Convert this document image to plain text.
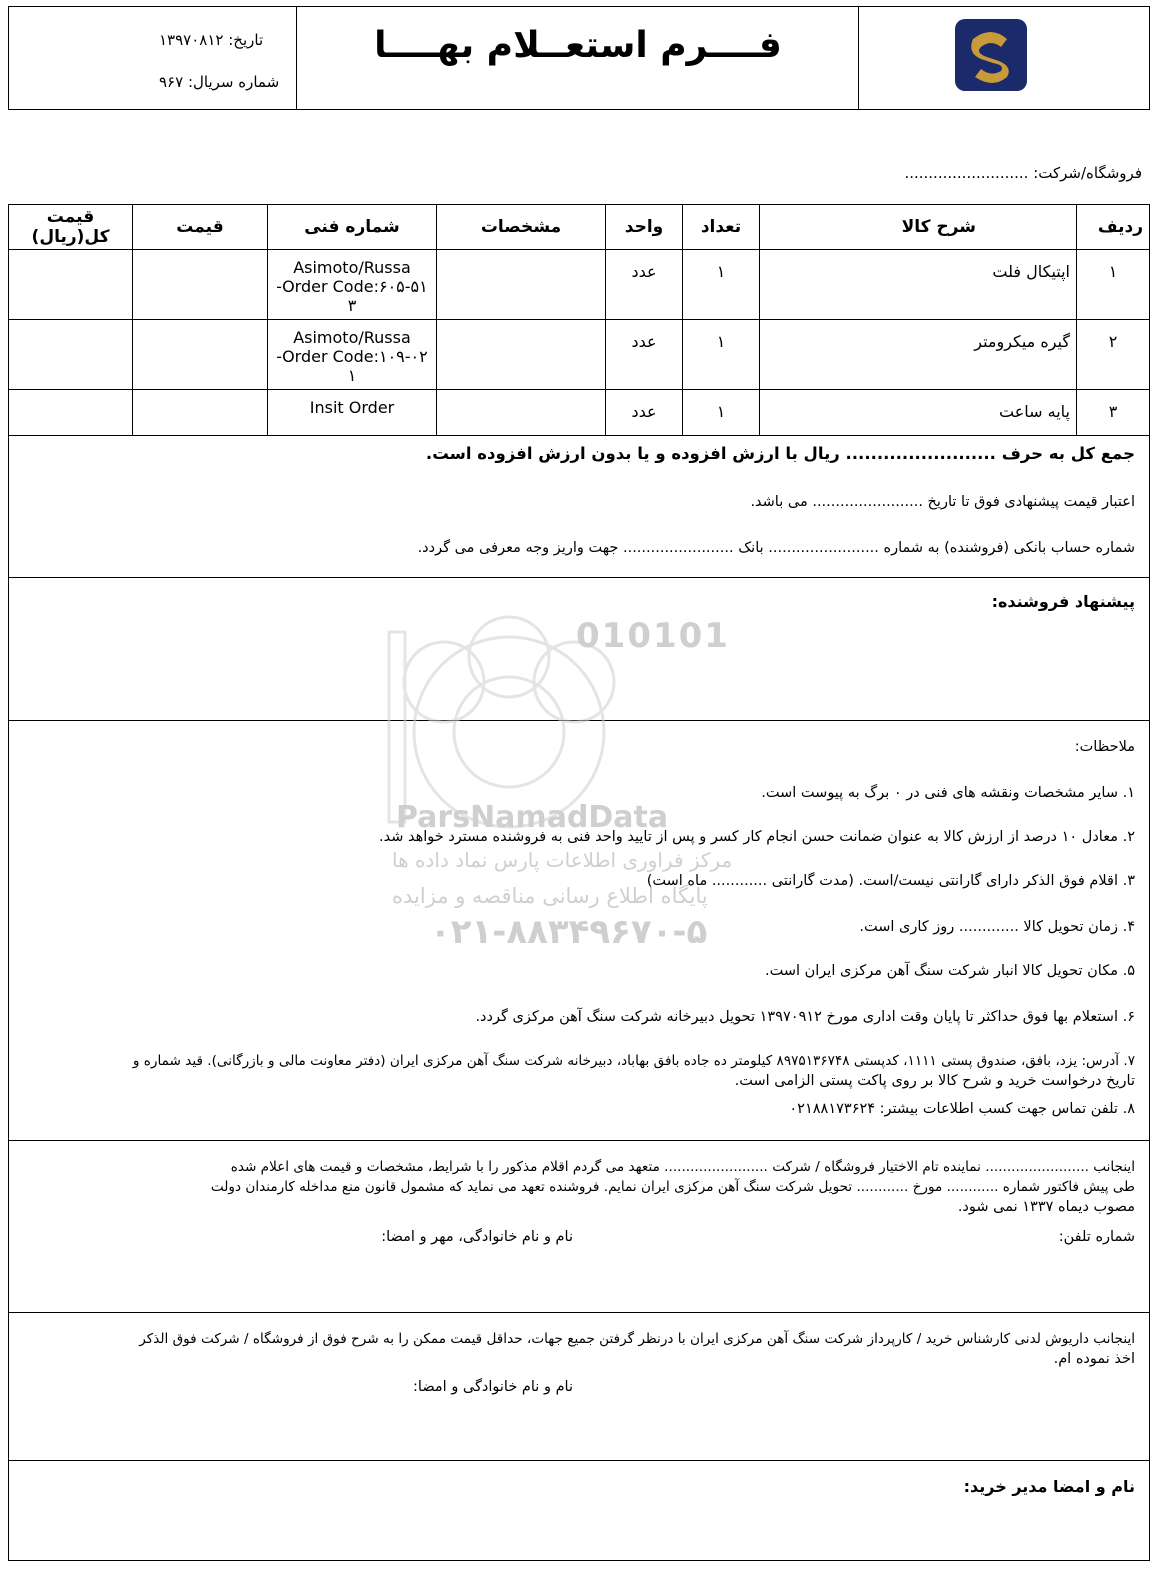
فــــرم استعــلام بهــــا
تاریخ: ۱۳۹۷۰۸۱۲
شماره سریال: ۹۶۷
فروشگاه/شرکت: ..........................
ردیف	شرح کالا	تعداد	واحد	مشخصات	شماره فنی	قیمت	قیمت کل(ریال)
۱	اپتیکال فلت	۱	عدد		Asimoto/Russa
Order Code:۶۰۵-۵۱-
۳		

۲	گیره میکرومتر	۱	عدد		Asimoto/Russa
Order Code:۱۰۹-۰۲-
۱		

۳	پایه ساعت	۱	عدد		Insit Order		
جمع کل به حرف ........................ ریال با ارزش افزوده و یا بدون ارزش افزوده است.
اعتبار قیمت پیشنهادی فوق تا تاریخ ........................ می باشد.
شماره حساب بانکی (فروشنده) به شماره ........................ بانک ........................ جهت واریز وجه معرفی می گردد.
پیشنهاد فروشنده:
ملاحظات:
۱. سایر مشخصات ونقشه های فنی در ۰ برگ به پیوست است.
۲. معادل ۱۰ درصد از ارزش کالا به عنوان ضمانت حسن انجام کار کسر و پس از تایید واحد فنی به فروشنده مسترد خواهد شد.
۳. اقلام فوق الذکر دارای گارانتی نیست/است. (مدت گارانتی ............ ماه است)
۴. زمان تحویل کالا ............. روز کاری است.
۵. مکان تحویل کالا انبار شرکت سنگ آهن مرکزی ایران است.
۶. استعلام بها فوق حداکثر تا پایان وقت اداری مورخ ۱۳۹۷۰۹۱۲ تحویل دبیرخانه شرکت سنگ آهن مرکزی گردد.
۷. آدرس: یزد، بافق، صندوق پستی ۱۱۱۱، کدپستی ۸۹۷۵۱۳۶۷۴۸ کیلومتر ده جاده بافق بهاباد، دبیرخانه شرکت سنگ آهن مرکزی ایران (دفتر معاونت مالی و بازرگانی). قید شماره و
تاریخ درخواست خرید و شرح کالا بر روی پاکت پستی الزامی است.
۸. تلفن تماس جهت کسب اطلاعات بیشتر: ۰۲۱۸۸۱۷۳۶۲۴
اینجانب ........................ نماینده تام الاختیار فروشگاه / شرکت ........................ متعهد می گردم اقلام مذکور را با شرایط، مشخصات و قیمت های اعلام شده
طی پیش فاکتور شماره ............ مورخ ............ تحویل شرکت سنگ آهن مرکزی ایران نمایم. فروشنده تعهد می نماید که مشمول قانون منع مداخله کارمندان دولت
مصوب دیماه ۱۳۳۷ نمی شود.
شماره تلفن:
نام و نام خانوادگی، مهر و امضا:
اینجانب داریوش لدنی کارشناس خرید / کارپرداز شرکت سنگ آهن مرکزی ایران با درنظر گرفتن جمیع جهات، حداقل قیمت ممکن را به شرح فوق از فروشگاه / شرکت فوق الذکر
اخذ نموده ام.
نام و نام خانوادگی و امضا:
نام و امضا مدیر خرید:
010101
ParsNamadData
مرکز فراوری اطلاعات پارس نماد داده ها
پایگاه اطلاع رسانی مناقصه و مزایده
۰۲۱-۸۸۳۴۹۶۷۰-۵
